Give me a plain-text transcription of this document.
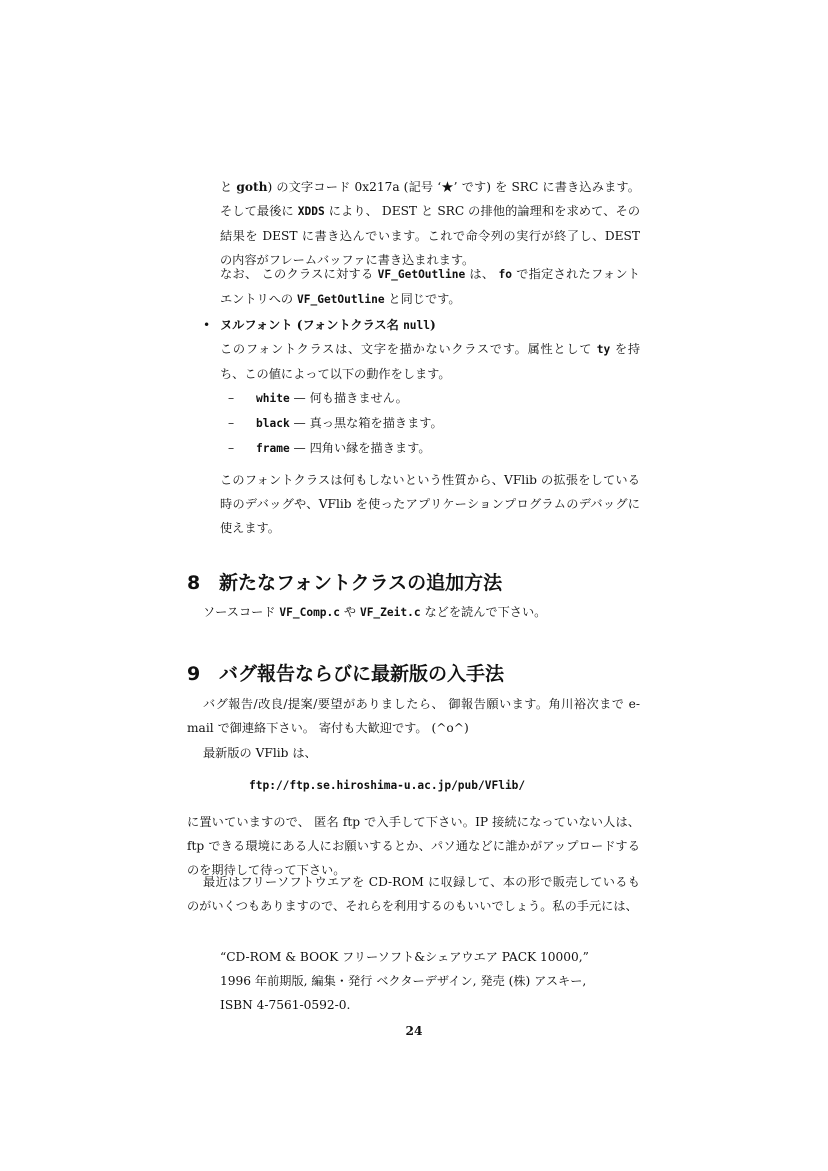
と goth) の文字コード 0x217a (記号 ‘★’ です) を SRC に書き込みます。そして最後に XDDS により、 DEST と SRC の排他的論理和を求めて、その結果を DEST に書き込んでいます。これで命令列の実行が終了し、DEST の内容がフレームバッファに書き込まれます。

なお、 このクラスに対する VF_GetOutline は、 fo で指定されたフォントエントリへの VF_GetOutline と同じです。

• ヌルフォント (フォントクラス名 null)

このフォントクラスは、文字を描かないクラスです。属性として ty を持ち、この値によって以下の動作をします。

– white — 何も描きません。
– black — 真っ黒な箱を描きます。
– frame — 四角い縁を描きます。

このフォントクラスは何もしないという性質から、VFlib の拡張をしている時のデバッグや、VFlib を使ったアプリケーションプログラムのデバッグに使えます。

8 新たなフォントクラスの追加方法
ソースコード VF_Comp.c や VF_Zeit.c などを読んで下さい。
9 バグ報告ならびに最新版の入手法

バグ報告/改良/提案/要望がありましたら、 御報告願います。角川裕次まで e-mail で御連絡下さい。 寄付も大歓迎です。 (^o^)

最新版の VFlib は、
ftp://ftp.se.hiroshima-u.ac.jp/pub/VFlib/

に置いていますので、 匿名 ftp で入手して下さい。IP 接続になっていない人は、ftp できる環境にある人にお願いするとか、パソ通などに誰かがアップロードするのを期待して待って下さい。

最近はフリーソフトウエアを CD-ROM に収録して、本の形で販売しているものがいくつもありますので、それらを利用するのもいいでしょう。私の手元には、

“CD-ROM & BOOK フリーソフト&シェアウエア PACK 10000,”
1996 年前期版, 編集・発行 ベクターデザイン, 発売 (株) アスキー,
ISBN 4-7561-0592-0.
24
